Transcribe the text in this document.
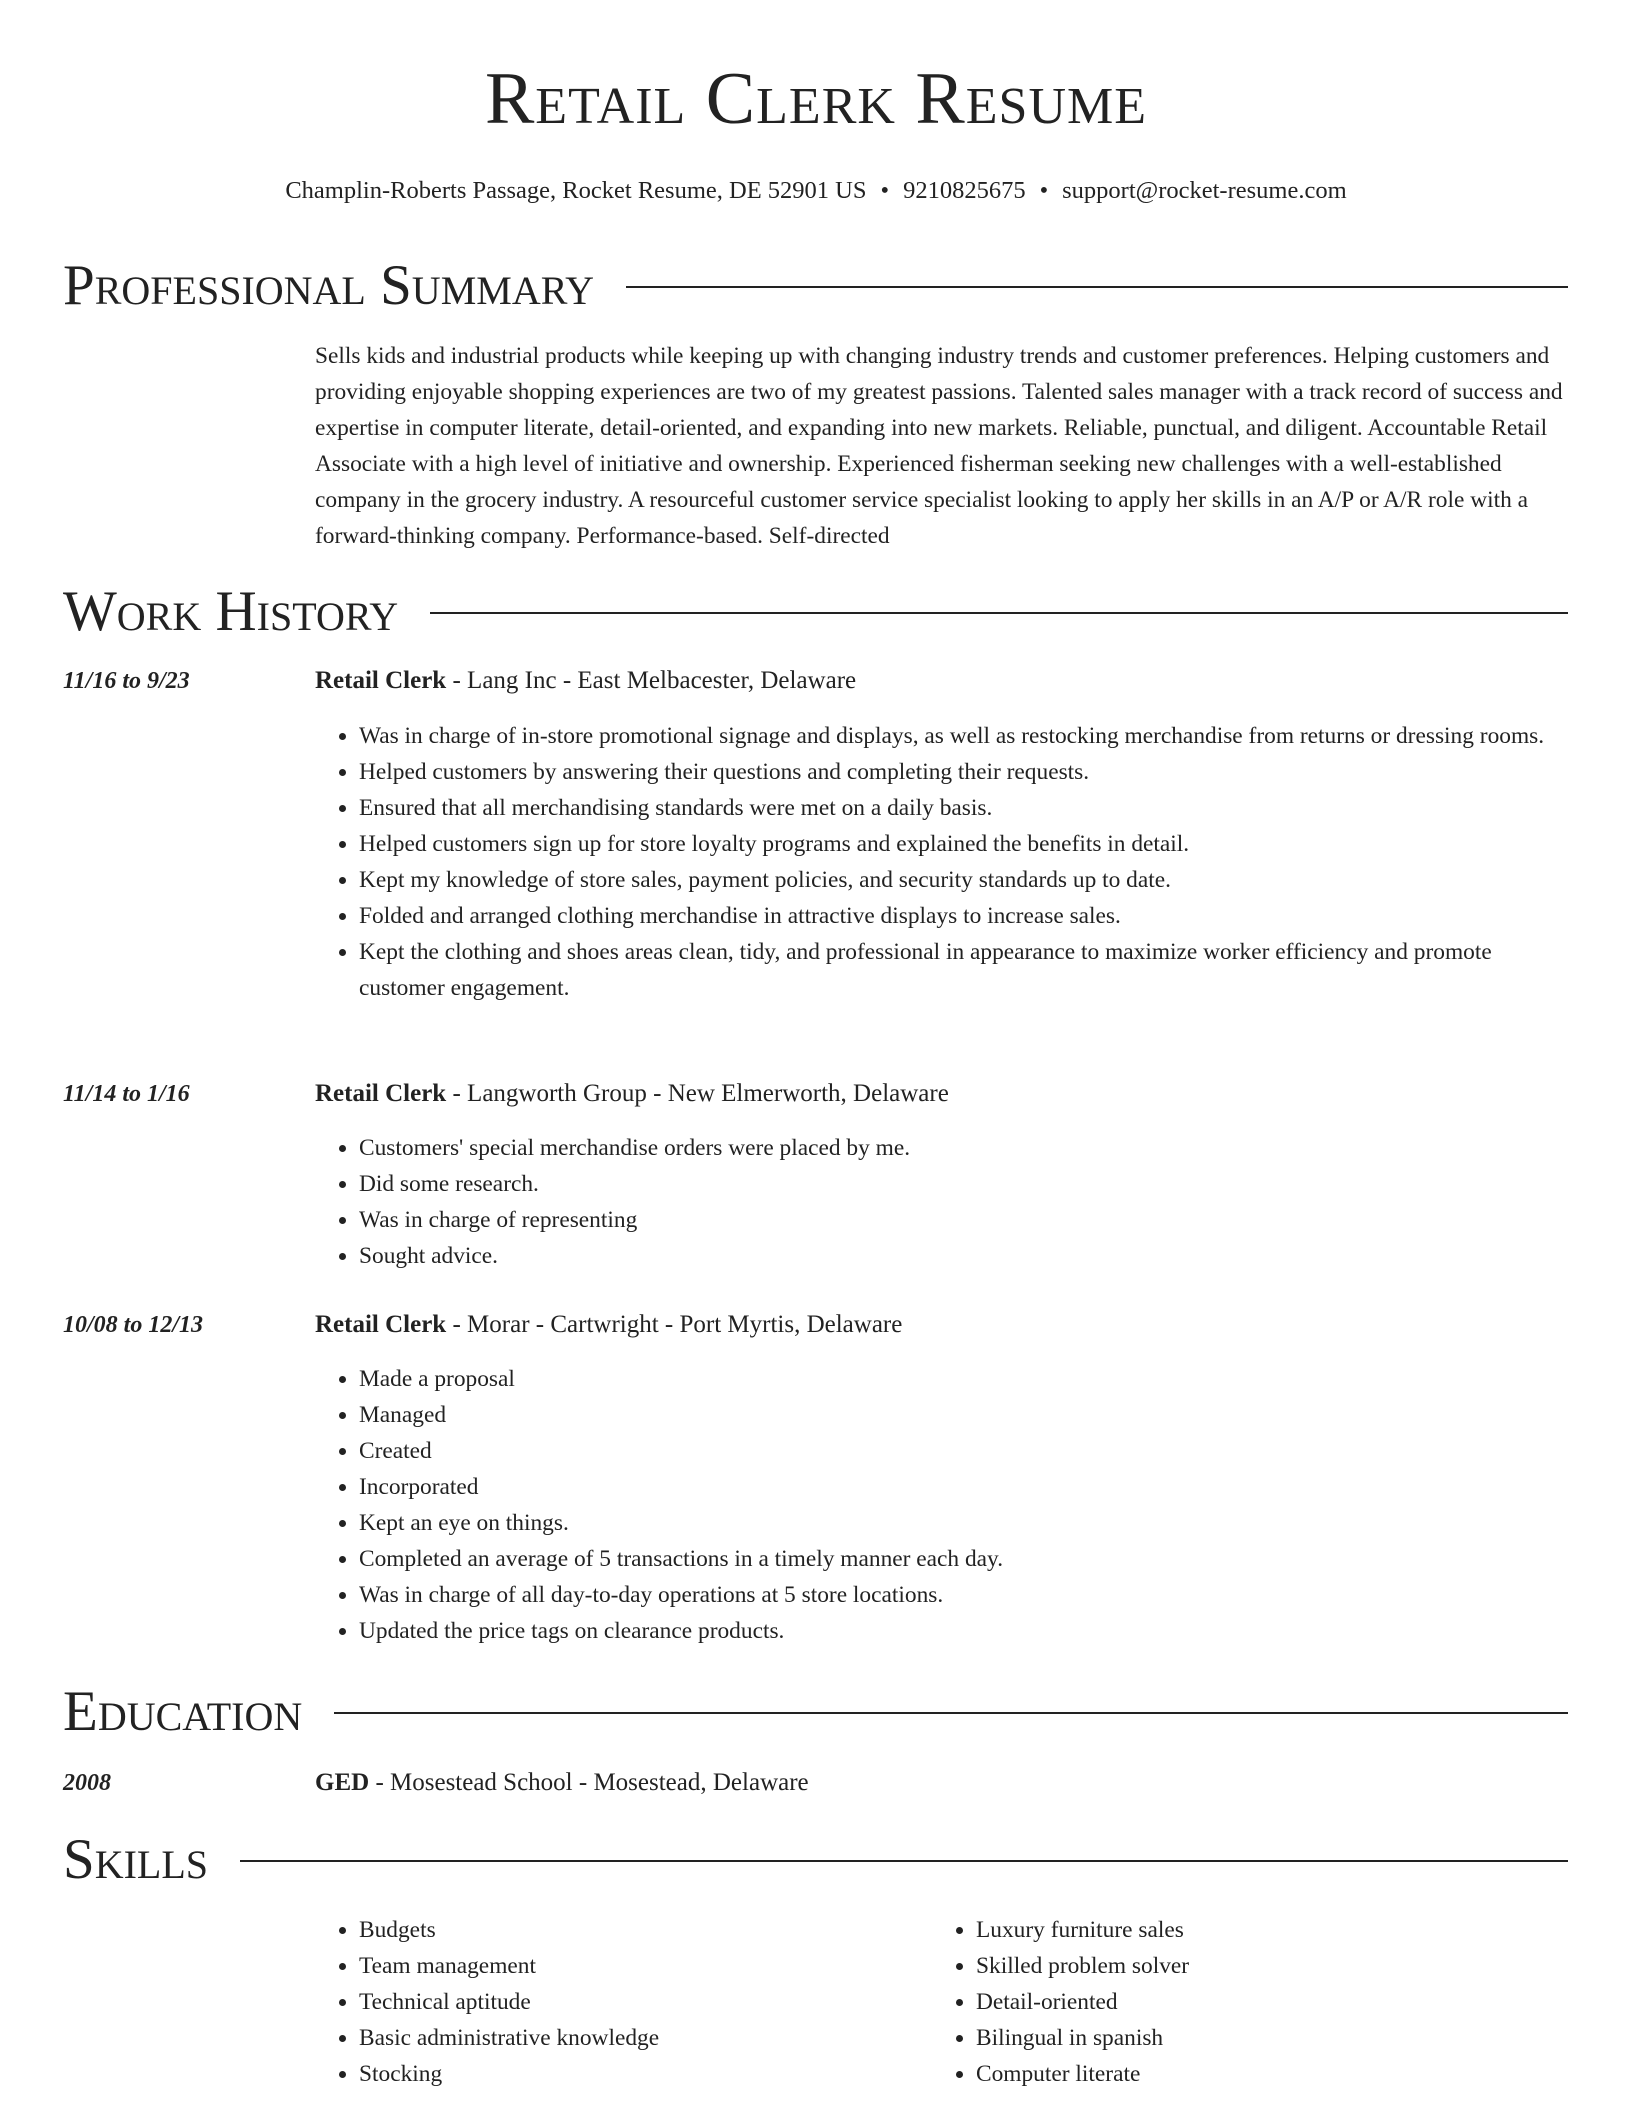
Retail Clerk Resume
Champlin-Roberts Passage, Rocket Resume, DE 52901 US • 9210825675 • support@rocket-resume.com
Professional Summary

Sells kids and industrial products while keeping up with changing industry trends and customer preferences. Helping customers and providing enjoyable shopping experiences are two of my greatest passions. Talented sales manager with a track record of success and expertise in computer literate, detail-oriented, and expanding into new markets. Reliable, punctual, and diligent. Accountable Retail Associate with a high level of initiative and ownership. Experienced fisherman seeking new challenges with a well-established company in the grocery industry. A resourceful customer service specialist looking to apply her skills in an A/P or A/R role with a forward-thinking company. Performance-based. Self-directed

Work History
11/16 to 9/23	Retail Clerk - Lang Inc - East Melbacester, Delaware
• Was in charge of in-store promotional signage and displays, as well as restocking merchandise from returns or dressing rooms.
• Helped customers by answering their questions and completing their requests.
• Ensured that all merchandising standards were met on a daily basis.
• Helped customers sign up for store loyalty programs and explained the benefits in detail.
• Kept my knowledge of store sales, payment policies, and security standards up to date.
• Folded and arranged clothing merchandise in attractive displays to increase sales.
• Kept the clothing and shoes areas clean, tidy, and professional in appearance to maximize worker efficiency and promote customer engagement.
11/14 to 1/16	Retail Clerk - Langworth Group - New Elmerworth, Delaware
• Customers' special merchandise orders were placed by me.
• Did some research.
• Was in charge of representing
• Sought advice.
10/08 to 12/13	Retail Clerk - Morar - Cartwright - Port Myrtis, Delaware
• Made a proposal
• Managed
• Created
• Incorporated
• Kept an eye on things.
• Completed an average of 5 transactions in a timely manner each day.
• Was in charge of all day-to-day operations at 5 store locations.
• Updated the price tags on clearance products.
Education
2008	GED - Mosestead School - Mosestead, Delaware
Skills
• Budgets
• Team management
• Technical aptitude
• Basic administrative knowledge
• Stocking
• Luxury furniture sales
• Skilled problem solver
• Detail-oriented
• Bilingual in spanish
• Computer literate
